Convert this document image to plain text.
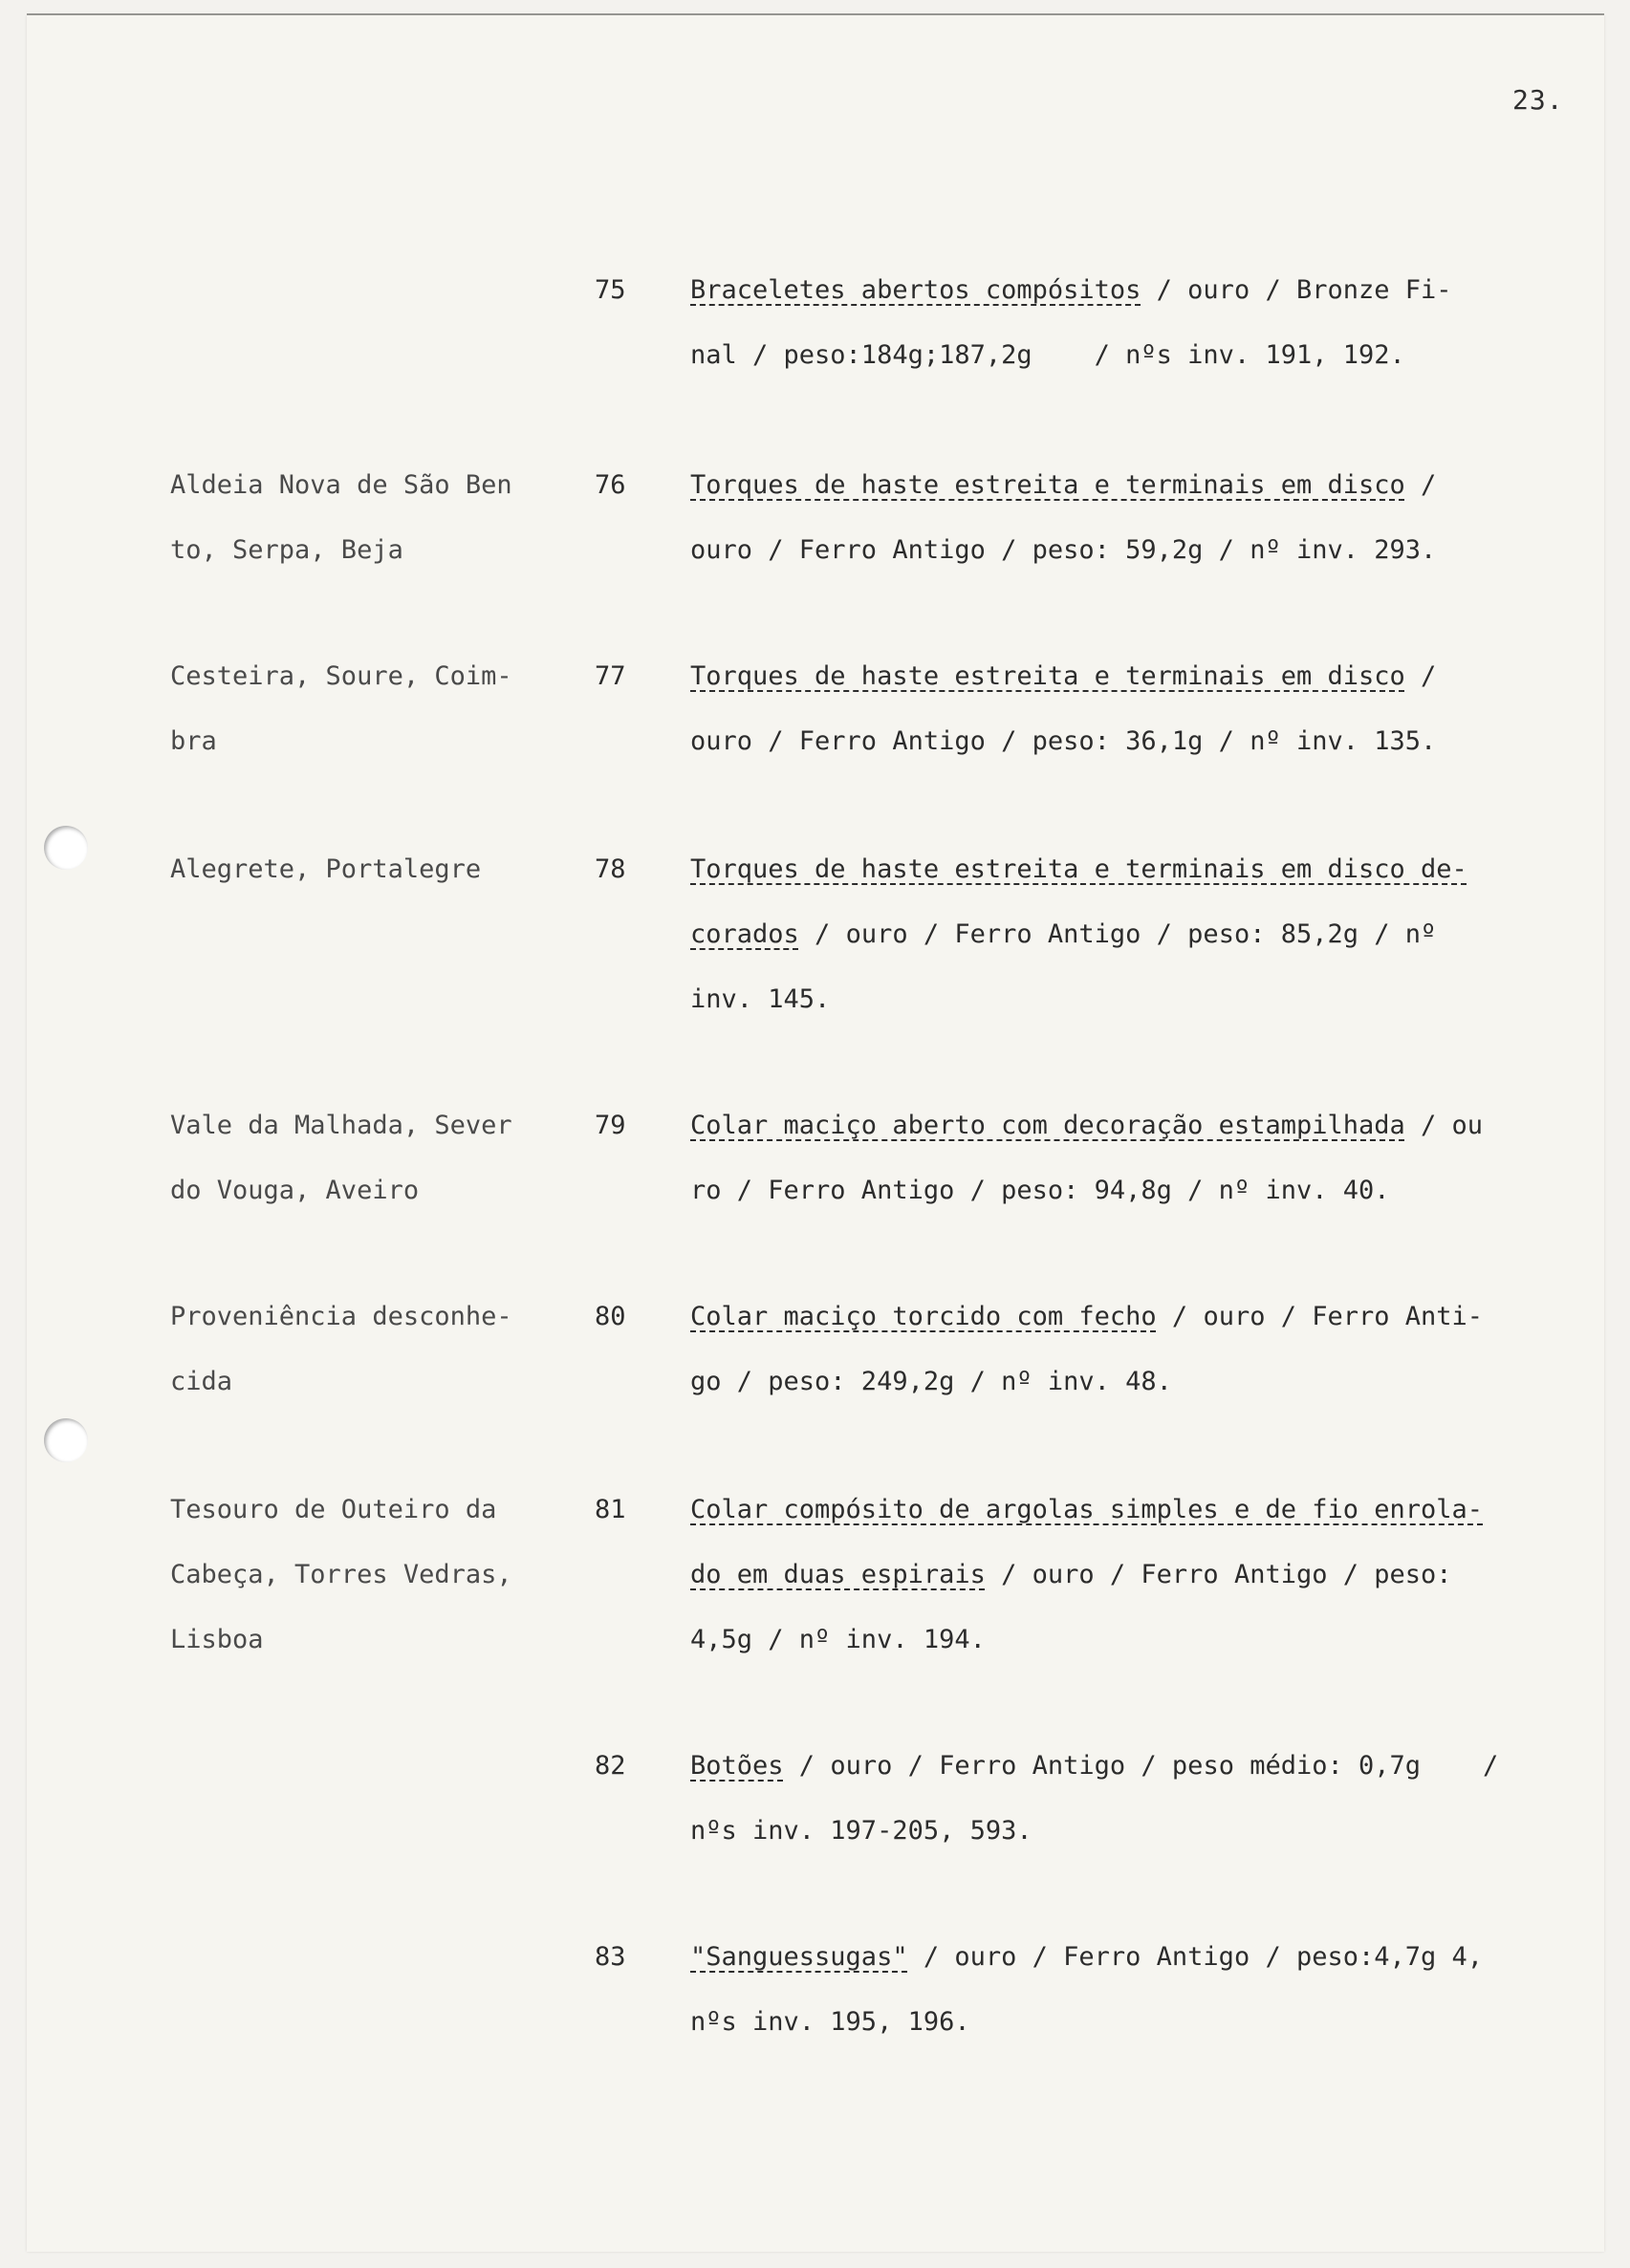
23.
75	Braceletes abertos compósitos / ouro / Bronze Fi-
nal / peso:184g;187,2g    / nºs inv. 191, 192.
Aldeia Nova de São Ben
to, Serpa, Beja
76	Torques de haste estreita e terminais em disco /
ouro / Ferro Antigo / peso: 59,2g / nº inv. 293.
Cesteira, Soure, Coim-
bra
77	Torques de haste estreita e terminais em disco /
ouro / Ferro Antigo / peso: 36,1g / nº inv. 135.
Alegrete, Portalegre	78	Torques de haste estreita e terminais em disco de-
corados / ouro / Ferro Antigo / peso: 85,2g / nº
inv. 145.
Vale da Malhada, Sever
do Vouga, Aveiro
79	Colar maciço aberto com decoração estampilhada / ou
ro / Ferro Antigo / peso: 94,8g / nº inv. 40.
Proveniência desconhe-
cida
80	Colar maciço torcido com fecho / ouro / Ferro Anti-
go / peso: 249,2g / nº inv. 48.
Tesouro de Outeiro da
Cabeça, Torres Vedras,
Lisboa
81	Colar compósito de argolas simples e de fio enrola-
do em duas espirais / ouro / Ferro Antigo / peso:
4,5g / nº inv. 194.
82	Botões / ouro / Ferro Antigo / peso médio: 0,7g    /
nºs inv. 197-205, 593.
83	"Sanguessugas" / ouro / Ferro Antigo / peso:4,7g 4,
nºs inv. 195, 196.
